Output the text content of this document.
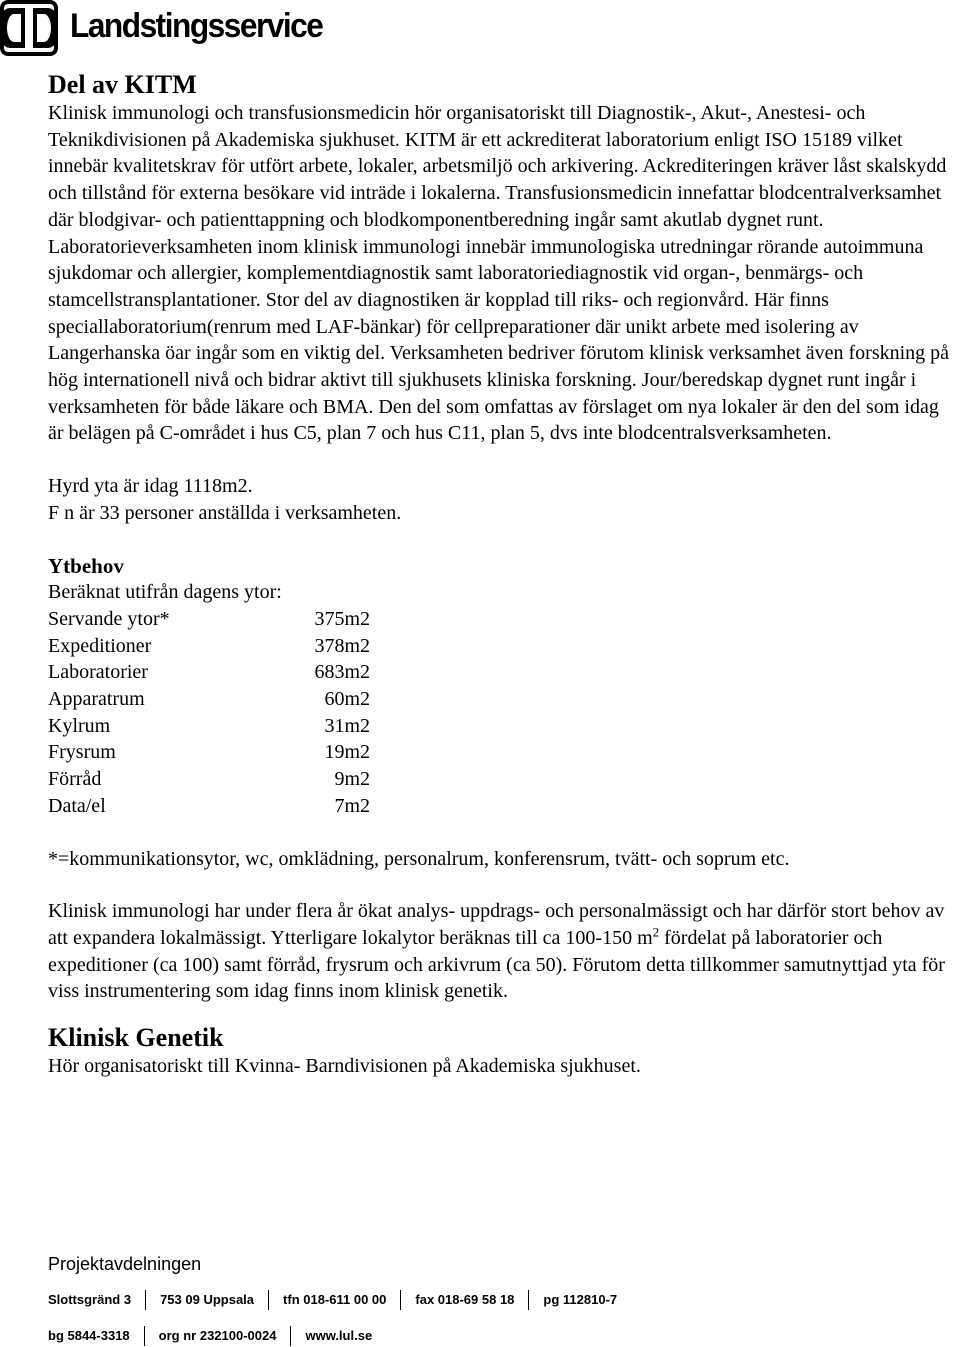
Landstingsservice
Del av KITM

Klinisk immunologi och transfusionsmedicin hör organisatoriskt till Diagnostik-, Akut-, Anestesi- och Teknikdivisionen på Akademiska sjukhuset. KITM är ett ackrediterat laboratorium enligt ISO 15189 vilket innebär kvalitetskrav för utfört arbete, lokaler, arbetsmiljö och arkivering. Ackrediteringen kräver låst skalskydd och tillstånd för externa besökare vid inträde i lokalerna. Transfusionsmedicin innefattar blodcentralverksamhet där blodgivar- och patienttappning och blodkomponentberedning ingår samt akutlab dygnet runt. Laboratorieverksamheten inom klinisk immunologi innebär immunologiska utredningar rörande autoimmuna sjukdomar och allergier, komplementdiagnostik samt laboratoriediagnostik vid organ-, benmärgs- och stamcellstransplantationer. Stor del av diagnostiken är kopplad till riks- och regionvård. Här finns speciallaboratorium(renrum med LAF-bänkar) för cellpreparationer där unikt arbete med isolering av Langerhanska öar ingår som en viktig del. Verksamheten bedriver förutom klinisk verksamhet även forskning på hög internationell nivå och bidrar aktivt till sjukhusets kliniska forskning. Jour/beredskap dygnet runt ingår i verksamheten för både läkare och BMA. Den del som omfattas av förslaget om nya lokaler är den del som idag är belägen på C-området i hus C5, plan 7 och hus C11, plan 5, dvs inte blodcentralsverksamheten.

Hyrd yta är idag 1118m2.

F n är 33 personer anställda i verksamheten.

Ytbehov

Beräknat utifrån dagens ytor:

Servande ytor*	375m2
Expeditioner	378m2
Laboratorier	683m2
Apparatrum	60m2
Kylrum	31m2
Frysrum	19m2
Förråd	9m2
Data/el	7m2

*=kommunikationsytor, wc, omklädning, personalrum, konferensrum, tvätt- och soprum etc.

Klinisk immunologi har under flera år ökat analys- uppdrags- och personalmässigt och har därför stort behov av att expandera lokalmässigt. Ytterligare lokalytor beräknas till ca 100-150 $m^2$ fördelat på laboratorier och expeditioner (ca 100) samt förråd, frysrum och arkivrum (ca 50). Förutom detta tillkommer samutnyttjad yta för viss instrumentering som idag finns inom klinisk genetik.

Klinisk Genetik

Hör organisatoriskt till Kvinna- Barndivisionen på Akademiska sjukhuset.

Projektavdelningen
Slottsgränd 3	753 09 Uppsala	tfn 018-611 00 00	fax 018-69 58 18	pg 112810-7
bg 5844-3318	org nr 232100-0024	www.lul.se
